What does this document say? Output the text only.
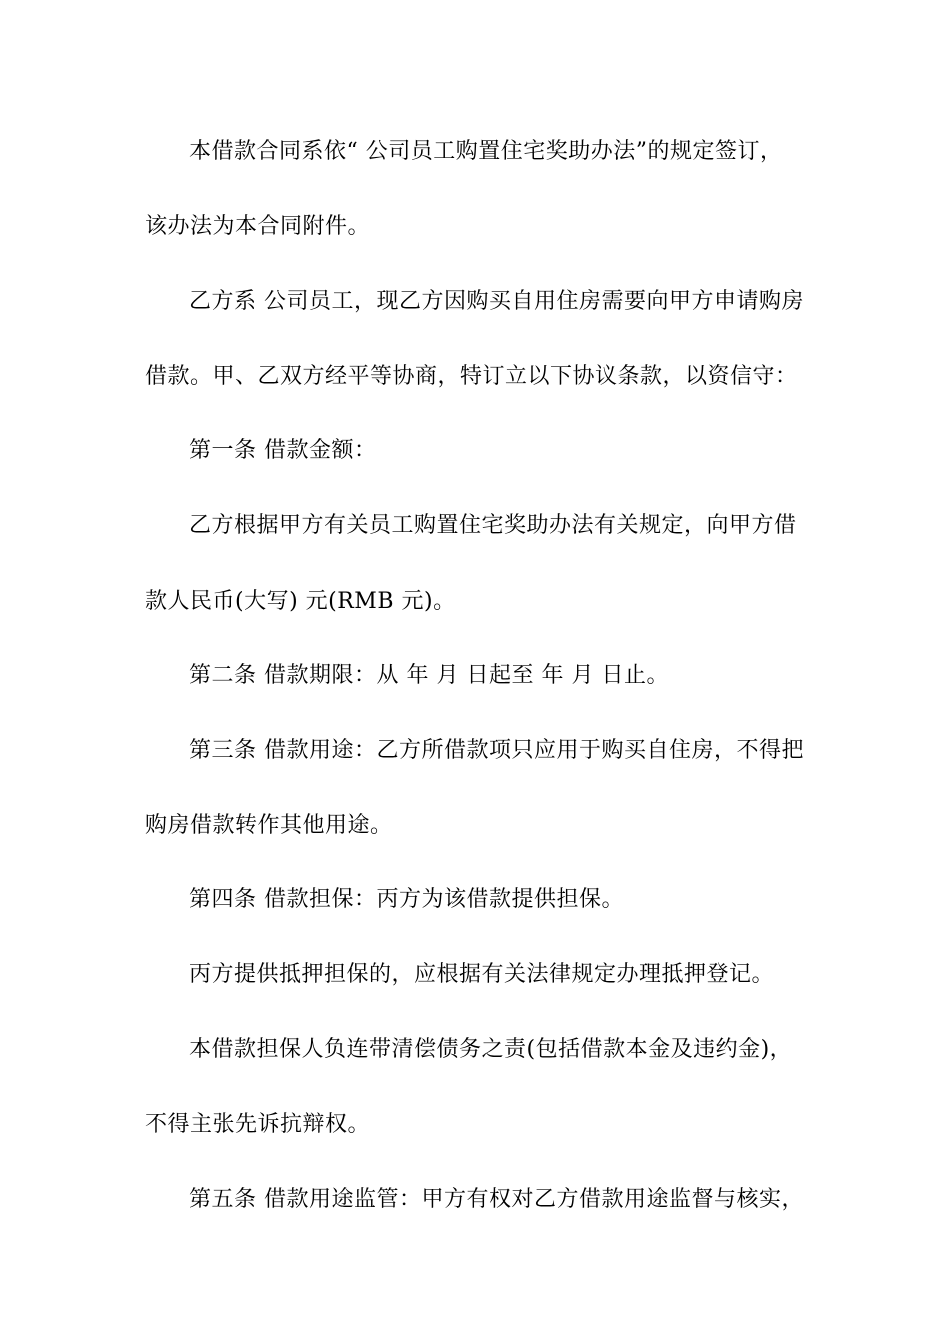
本借款合同系依“ 公司员工购置住宅奖助办法”的规定签订，
该办法为本合同附件。
乙方系 公司员工，现乙方因购买自用住房需要向甲方申请购房
借款。甲、乙双方经平等协商，特订立以下协议条款，以资信守：
第一条 借款金额：
乙方根据甲方有关员工购置住宅奖助办法有关规定，向甲方借
款人民币(大写) 元(RMB 元)。
第二条 借款期限：从 年 月 日起至 年 月 日止。
第三条 借款用途：乙方所借款项只应用于购买自住房，不得把
购房借款转作其他用途。
第四条 借款担保：丙方为该借款提供担保。
丙方提供抵押担保的，应根据有关法律规定办理抵押登记。
本借款担保人负连带清偿债务之责(包括借款本金及违约金)，
不得主张先诉抗辩权。
第五条 借款用途监管：甲方有权对乙方借款用途监督与核实，
